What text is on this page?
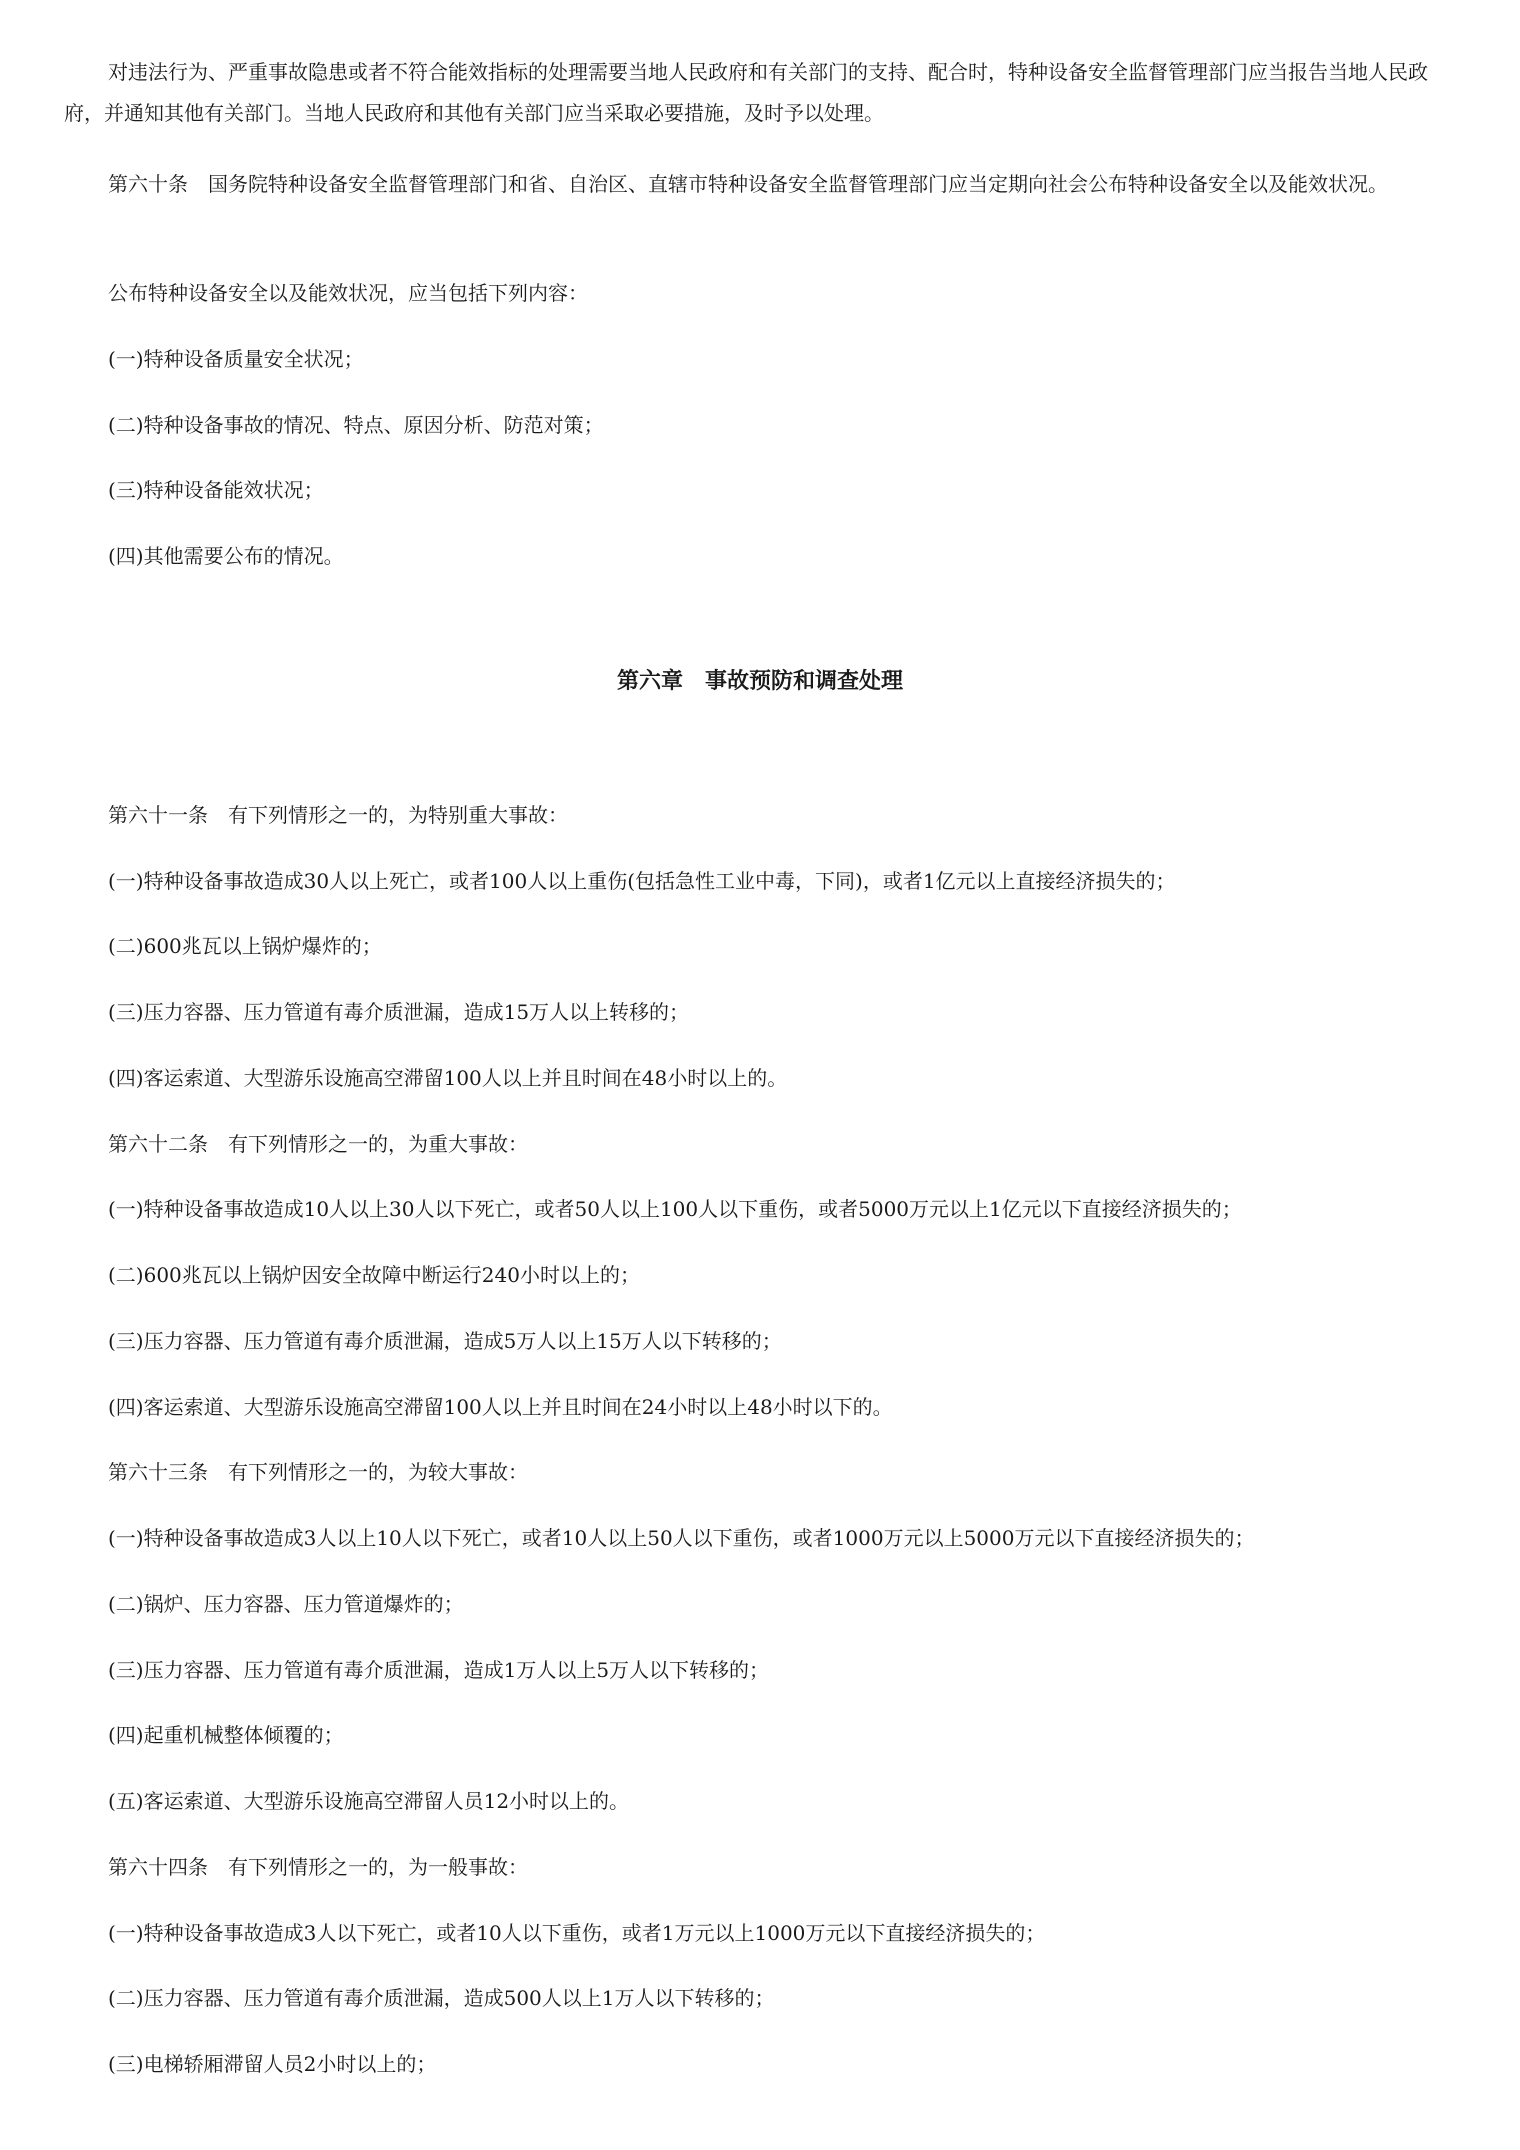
对违法行为、严重事故隐患或者不符合能效指标的处理需要当地人民政府和有关部门的支持、配合时，特种设备安全监督管理部门应当报告当地人民政府，并通知其他有关部门。当地人民政府和其他有关部门应当采取必要措施，及时予以处理。

第六十条　国务院特种设备安全监督管理部门和省、自治区、直辖市特种设备安全监督管理部门应当定期向社会公布特种设备安全以及能效状况。

公布特种设备安全以及能效状况，应当包括下列内容：

(一)特种设备质量安全状况；

(二)特种设备事故的情况、特点、原因分析、防范对策；

(三)特种设备能效状况；

(四)其他需要公布的情况。

第六章　事故预防和调查处理

第六十一条　有下列情形之一的，为特别重大事故：

(一)特种设备事故造成30人以上死亡，或者100人以上重伤(包括急性工业中毒，下同)，或者1亿元以上直接经济损失的；

(二)600兆瓦以上锅炉爆炸的；

(三)压力容器、压力管道有毒介质泄漏，造成15万人以上转移的；

(四)客运索道、大型游乐设施高空滞留100人以上并且时间在48小时以上的。

第六十二条　有下列情形之一的，为重大事故：

(一)特种设备事故造成10人以上30人以下死亡，或者50人以上100人以下重伤，或者5000万元以上1亿元以下直接经济损失的；

(二)600兆瓦以上锅炉因安全故障中断运行240小时以上的；

(三)压力容器、压力管道有毒介质泄漏，造成5万人以上15万人以下转移的；

(四)客运索道、大型游乐设施高空滞留100人以上并且时间在24小时以上48小时以下的。

第六十三条　有下列情形之一的，为较大事故：

(一)特种设备事故造成3人以上10人以下死亡，或者10人以上50人以下重伤，或者1000万元以上5000万元以下直接经济损失的；

(二)锅炉、压力容器、压力管道爆炸的；

(三)压力容器、压力管道有毒介质泄漏，造成1万人以上5万人以下转移的；

(四)起重机械整体倾覆的；

(五)客运索道、大型游乐设施高空滞留人员12小时以上的。

第六十四条　有下列情形之一的，为一般事故：

(一)特种设备事故造成3人以下死亡，或者10人以下重伤，或者1万元以上1000万元以下直接经济损失的；

(二)压力容器、压力管道有毒介质泄漏，造成500人以上1万人以下转移的；

(三)电梯轿厢滞留人员2小时以上的；
